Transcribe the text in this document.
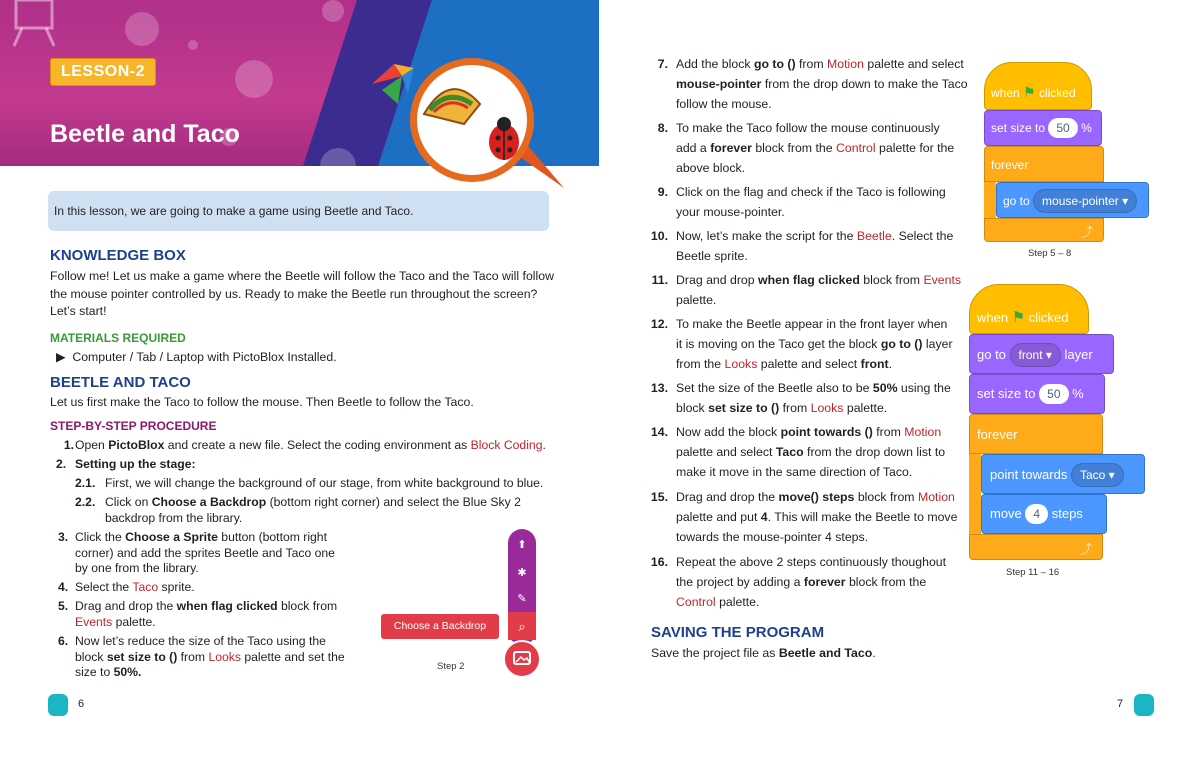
LESSON-2
Beetle and Taco
In this lesson, we are going to make a game using Beetle and Taco.
KNOWLEDGE BOX
Follow me! Let us make a game where the Beetle will follow the Taco and the Taco will follow
the mouse pointer controlled by us. Ready to make the Beetle run throughout the screen?
Let’s start!
MATERIALS REQUIRED
▶ Computer / Tab / Laptop with PictoBlox Installed.
BEETLE AND TACO
Let us first make the Taco to follow the mouse. Then Beetle to follow the Taco.
STEP-BY-STEP PROCEDURE
1. Open PictoBlox and create a new file. Select the coding environment as Block Coding.
2. Setting up the stage:
2.1. First, we will change the background of our stage, from white background to blue.
2.2. Click on Choose a Backdrop (bottom right corner) and select the Blue Sky 2
backdrop from the library.
3. Click the Choose a Sprite button (bottom right
corner) and add the sprites Beetle and Taco one
by one from the library.
4. Select the Taco sprite.
5. Drag and drop the when flag clicked block from
Events palette.
6. Now let’s reduce the size of the Taco using the
block set size to () from Looks palette and set the
size to 50%.
⬆
✱
✎
⌕
Choose a Backdrop
Step 2
6	7
7. Add the block go to () from Motion palette and select
mouse-pointer from the drop down to make the Taco
follow the mouse.
8. To make the Taco follow the mouse continuously
add a forever block from the Control palette for the
above block.
9. Click on the flag and check if the Taco is following
your mouse-pointer.
10. Now, let’s make the script for the Beetle. Select the
Beetle sprite.
11. Drag and drop when flag clicked block from Events
palette.
12. To make the Beetle appear in the front layer when
it is moving on the Taco get the block go to () layer
from the Looks palette and select front.
13. Set the size of the Beetle also to be 50% using the
block set size to () from Looks palette.
14. Now add the block point towards () from Motion
palette and select Taco from the drop down list to
make it move in the same direction of Taco.
15. Drag and drop the move() steps block from Motion
palette and put 4. This will make the Beetle to move
towards the mouse-pointer 4 steps.
16. Repeat the above 2 steps continuously thoughout
the project by adding a forever block from the
Control palette.
SAVING THE PROGRAM
Save the project file as Beetle and Taco.
when ⚑ clicked
set size to 50 %
forever
⤴
go to mouse-pointer ▾
Step 5 – 8
when ⚑ clicked
go to front ▾ layer
set size to 50 %
forever
⤴
point towards Taco ▾
move 4 steps
Step 11 – 16
